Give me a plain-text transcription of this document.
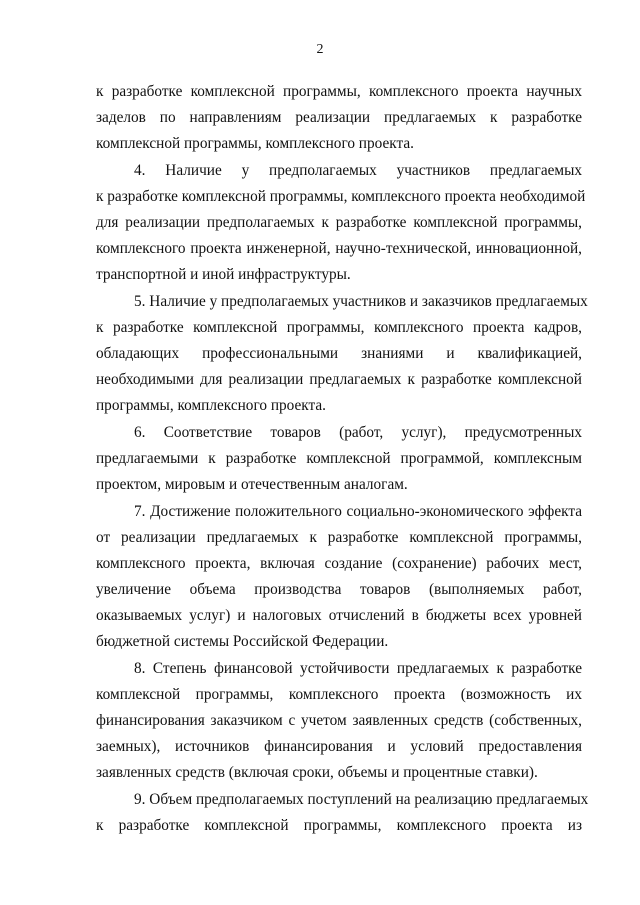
2
к разработке комплексной программы, комплексного проекта научных
заделов по направлениям реализации предлагаемых к разработке
комплексной программы, комплексного проекта.
4. Наличие у предполагаемых участников предлагаемых
к разработке комплексной программы, комплексного проекта необходимой
для реализации предполагаемых к разработке комплексной программы,
комплексного проекта инженерной, научно-технической, инновационной,
транспортной и иной инфраструктуры.
5. Наличие у предполагаемых участников и заказчиков предлагаемых
к разработке комплексной программы, комплексного проекта кадров,
обладающих профессиональными знаниями и квалификацией,
необходимыми для реализации предлагаемых к разработке комплексной
программы, комплексного проекта.
6. Соответствие товаров (работ, услуг), предусмотренных
предлагаемыми к разработке комплексной программой, комплексным
проектом, мировым и отечественным аналогам.
7. Достижение положительного социально-экономического эффекта
от реализации предлагаемых к разработке комплексной программы,
комплексного проекта, включая создание (сохранение) рабочих мест,
увеличение объема производства товаров (выполняемых работ,
оказываемых услуг) и налоговых отчислений в бюджеты всех уровней
бюджетной системы Российской Федерации.
8. Степень финансовой устойчивости предлагаемых к разработке
комплексной программы, комплексного проекта (возможность их
финансирования заказчиком с учетом заявленных средств (собственных,
заемных), источников финансирования и условий предоставления
заявленных средств (включая сроки, объемы и процентные ставки).
9. Объем предполагаемых поступлений на реализацию предлагаемых
к разработке комплексной программы, комплексного проекта из
